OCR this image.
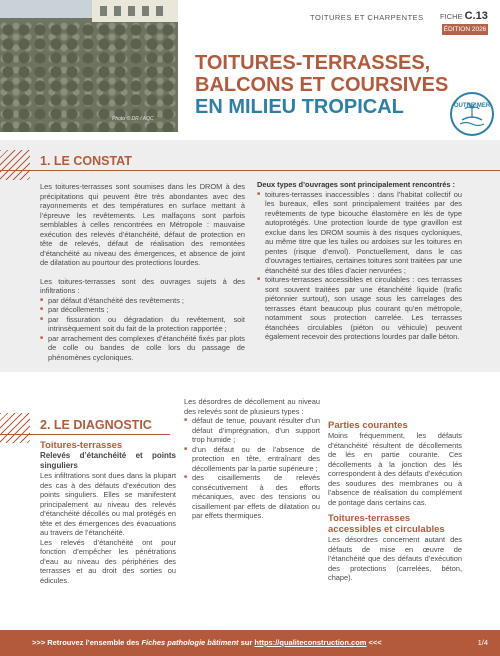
Photo © DR / AQC
TOITURES ET CHARPENTES FICHE C.13
ÉDITION 2026
TOITURES-TERRASSES,
BALCONS ET COURSIVES
EN MILIEU TROPICAL	OUTRE-MER
1. LE CONSTAT

Les toitures-terrasses sont soumises dans les DROM à des précipitations qui peuvent être très abondantes avec des rayonnements et des températures en surface mettant à l’épreuve les revêtements. Les malfaçons sont parfois semblables à celles rencontrées en Métropole : mauvaise exécution des relevés d’étanchéité, défaut de protection en tête de relevés, défaut de réalisation des remontées d’étanchéité au niveau des émergences, et absence de joint de dilatation au pourtour des protections lourdes.

Les toitures-terrasses sont des ouvrages sujets à des infiltrations :

■ par défaut d’étanchéité des revêtements ;
■ par décollements ;
■ par fissuration ou dégradation du revêtement, soit intrinsèquement soit du fait de la protection rapportée ;
■ par arrachement des complexes d’étanchéité fixés par plots de colle ou bandes de colle lors du passage de phénomènes cycloniques.
Deux types d’ouvrages sont principalement rencontrés :
■ toitures-terrasses inaccessibles : dans l’habitat collectif ou les bureaux, elles sont principalement traitées par des revêtements de type bicouche élastomère en lés de type autoprotégés. Une protection lourde de type gravillon est exclue dans les DROM soumis à des risques cycloniques, au même titre que les tuiles ou ardoises sur les toitures en pentes (risque d’envol). Ponctuellement, dans le cas d’ouvrages tertiaires, certaines toitures sont traitées par une étanchéité sur des tôles d’acier nervurées ;
■ toitures-terrasses accessibles et circulables : ces terrasses sont souvent traitées par une étanchéité liquide (trafic piétonnier surtout), son usage sous les carrelages des terrasses étant beaucoup plus courant qu’en métropole, notamment sous protection carrelée. Les terrasses étanchées circulables (piéton ou véhicule) peuvent également recevoir des protections lourdes par dalle béton.
2. LE DIAGNOSTIC
Toitures-terrasses
Relevés d’étanchéité et points singuliers

Les infiltrations sont dues dans la plupart des cas à des défauts d’exécution des points singuliers. Elles se manifestent principalement au niveau des relevés d’étanchéité décollés ou mal protégés en tête et des émergences des évacuations au travers de l’étanchéité.

Les relevés d’étanchéité ont pour fonction d’empêcher les pénétrations d’eau au niveau des périphéries des terrasses et au droit des sorties ou édicules.

Les désordres de décollement au niveau des relevés sont de plusieurs types :

■ défaut de tenue, pouvant résulter d’un défaut d’imprégnation, d’un support trop humide ;
■ d’un défaut ou de l’absence de protection en tête, entraînant des décollements par la partie supérieure ;
■ des cisaillements de relevés consécutivement à des efforts mécaniques, avec des tensions ou cisaillement par effets de dilatation ou par effets thermiques.
Parties courantes

Moins fréquemment, les défauts d’étanchéité résultent de décollements de lés en partie courante. Ces décollements à la jonction des lés correspondent à des défauts d’exécution des soudures des membranes ou à l’absence de réalisation du complément de pontage dans certains cas.

Toitures-terrasses accessibles et circulables

Les désordres concernent autant des défauts de mise en œuvre de l’étanchéité que des défauts d’exécution des protections (carrelées, béton, chape).

>>> Retrouvez l’ensemble des Fiches pathologie bâtiment sur https://qualiteconstruction.com <<<	1/4
